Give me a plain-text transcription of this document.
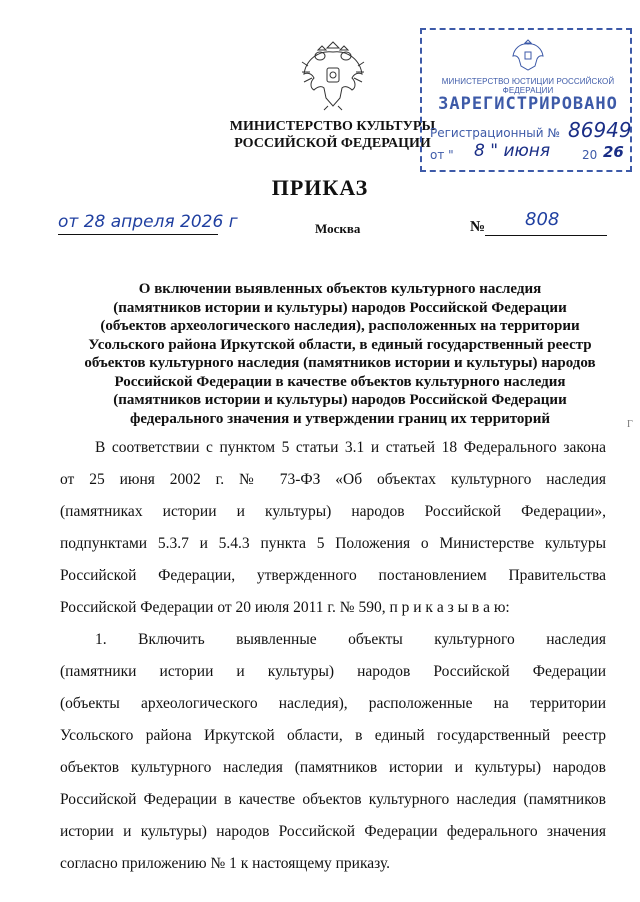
МИНИСТЕРСТВО КУЛЬТУРЫ
РОССИЙСКОЙ ФЕДЕРАЦИИ
МИНИСТЕРСТВО ЮСТИЦИИ РОССИЙСКОЙ ФЕДЕРАЦИИ
ЗАРЕГИСТРИРОВАНО
Регистрационный № 86949
от " 8 " июня	20 26
ПРИКАЗ
от 28 апреля 2026 г	Москва	№ 808
О включении выявленных объектов культурного наследия
(памятников истории и культуры) народов Российской Федерации
(объектов археологического наследия), расположенных на территории
Усольского района Иркутской области, в единый государственный реестр
объектов культурного наследия (памятников истории и культуры) народов
Российской Федерации в качестве объектов культурного наследия
(памятников истории и культуры) народов Российской Федерации
федерального значения и утверждении границ их территорий	Г
В соответствии с пунктом 5 статьи 3.1 и статьей 18 Федерального закона
от 25 июня 2002 г. № 73-ФЗ «Об объектах культурного наследия
(памятниках истории и культуры) народов Российской Федерации»,
подпунктами 5.3.7 и 5.4.3 пункта 5 Положения о Министерстве культуры
Российской Федерации, утвержденного постановлением Правительства
Российской Федерации от 20 июля 2011 г. № 590, п р и к а з ы в а ю:
1. Включить выявленные объекты культурного наследия
(памятники истории и культуры) народов Российской Федерации
(объекты археологического наследия), расположенные на территории
Усольского района Иркутской области, в единый государственный реестр
объектов культурного наследия (памятников истории и культуры) народов
Российской Федерации в качестве объектов культурного наследия (памятников
истории и культуры) народов Российской Федерации федерального значения
согласно приложению № 1 к настоящему приказу.
